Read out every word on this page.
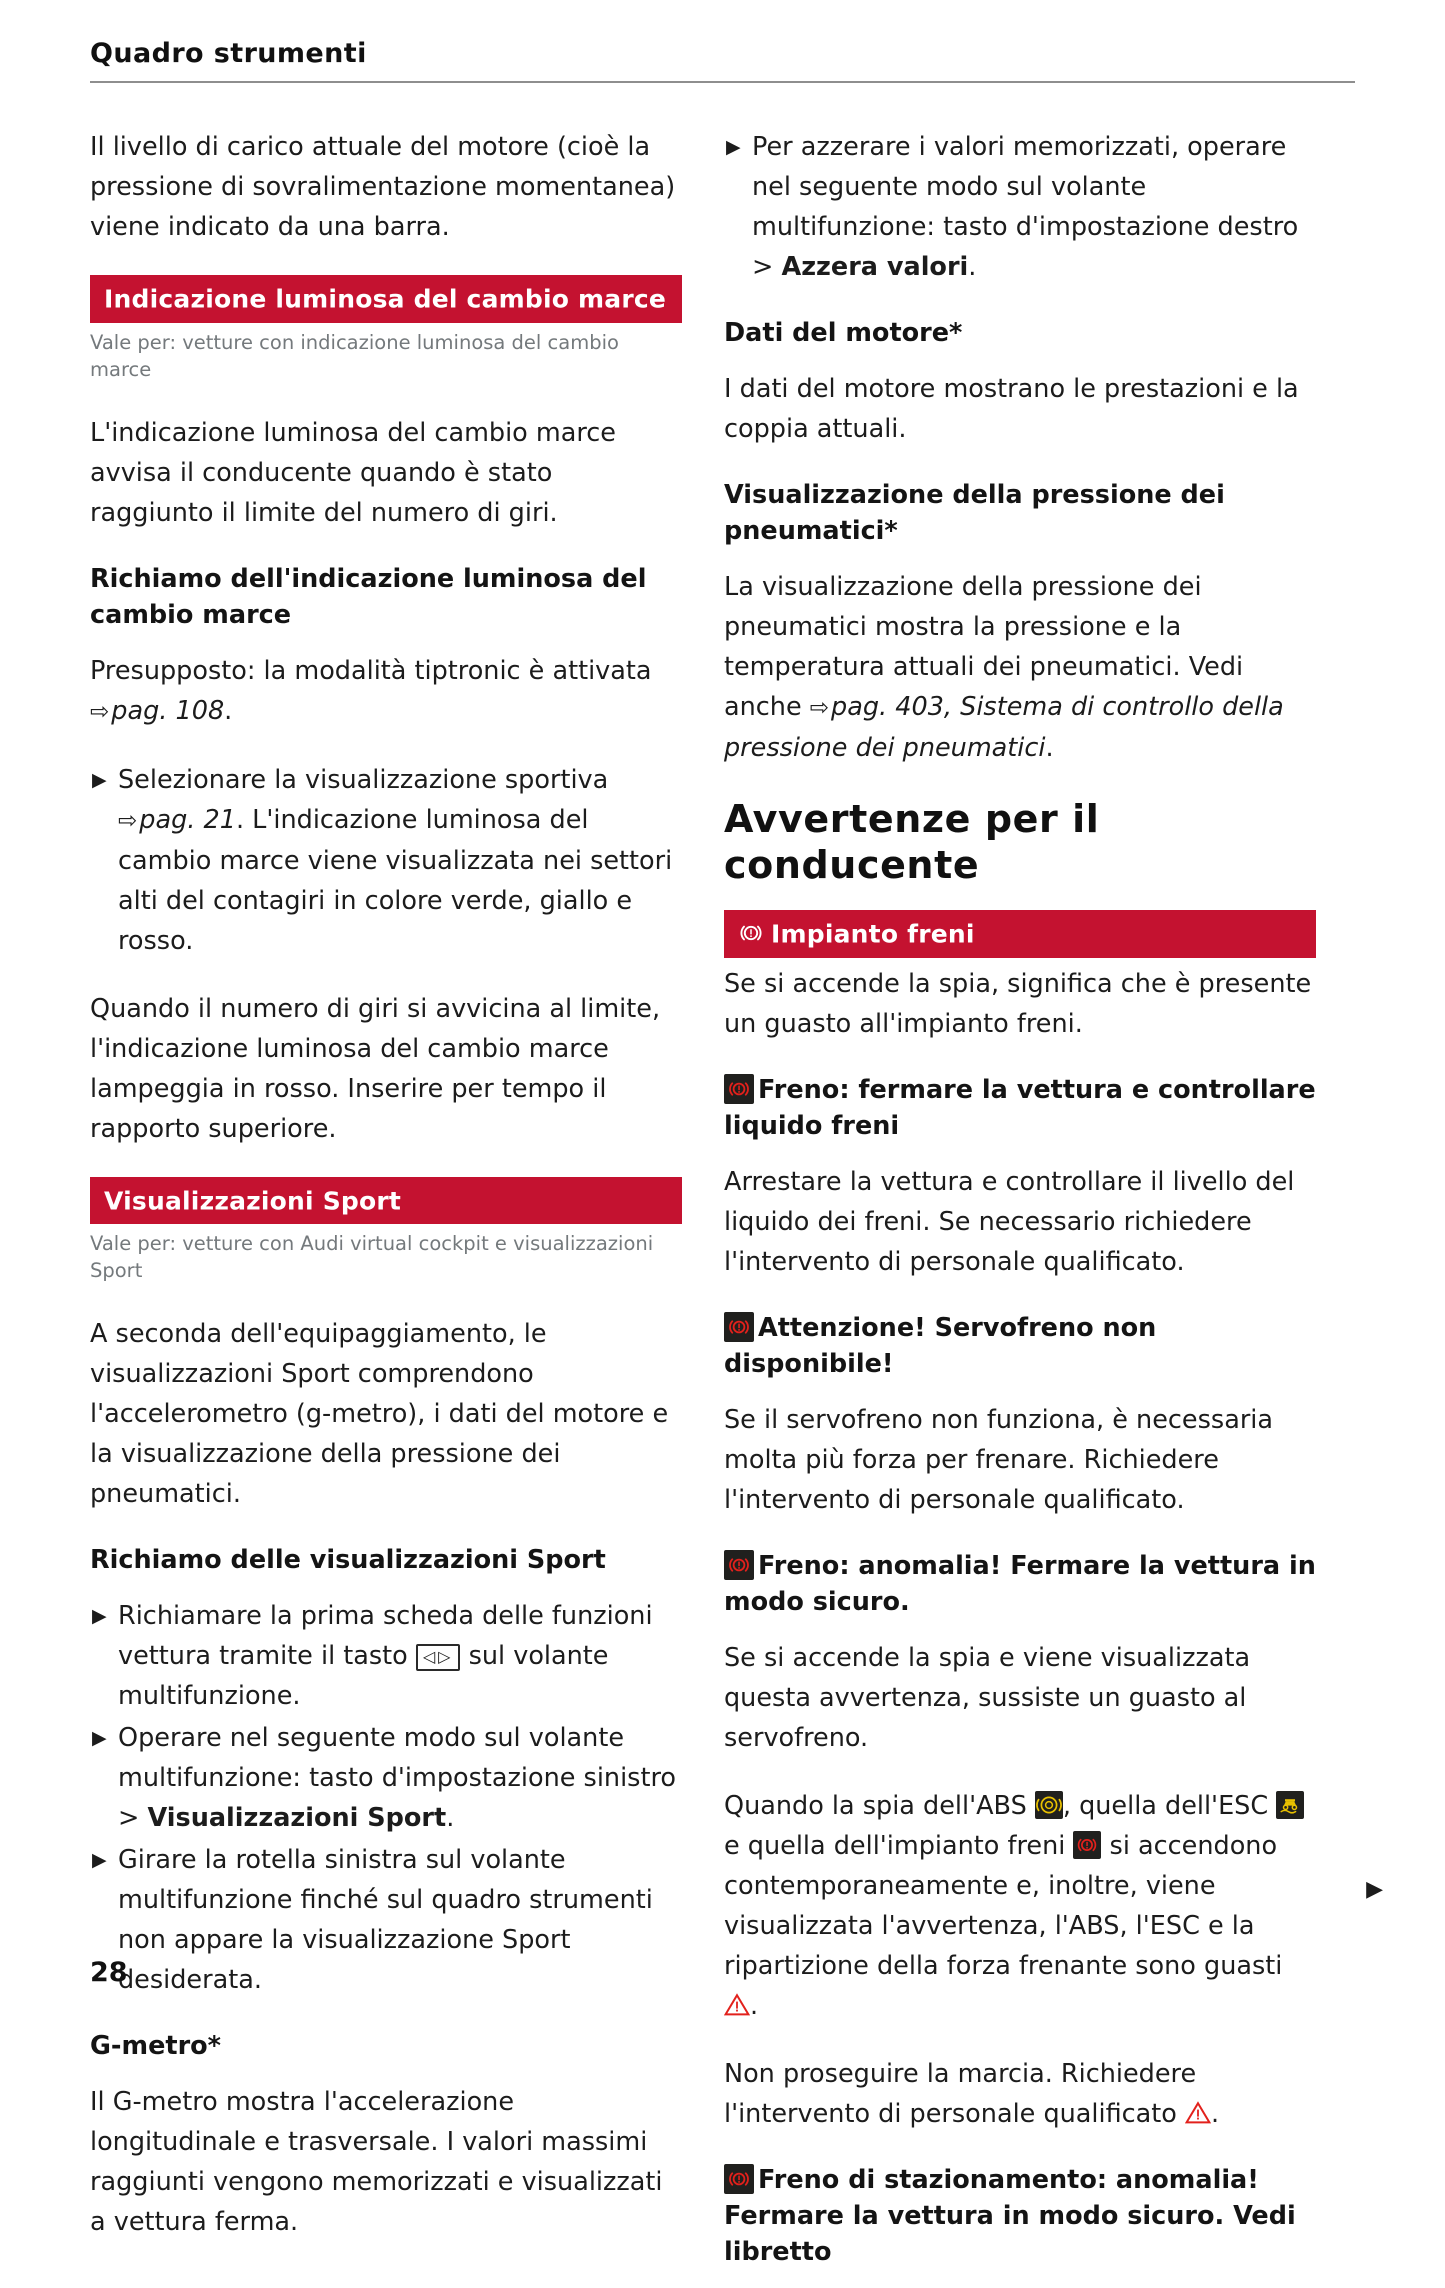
Quadro strumenti

Il livello di carico attuale del motore (cioè la pressione di sovralimentazione momentanea) viene indicato da una barra.

Indicazione luminosa del cambio marce
Vale per: vetture con indicazione luminosa del cambio marce

L'indicazione luminosa del cambio marce avvisa il conducente quando è stato raggiunto il limite del numero di giri.

Richiamo dell'indicazione luminosa del cambio marce

Presupposto: la modalità tiptronic è attivata
⇨pag. 108.

▶ Selezionare la visualizzazione sportiva
⇨pag. 21. L'indicazione luminosa del cambio marce viene visualizzata nei settori alti del contagiri in colore verde, giallo e rosso.

Quando il numero di giri si avvicina al limite, l'indicazione luminosa del cambio marce lampeggia in rosso. Inserire per tempo il rapporto superiore.

Visualizzazioni Sport
Vale per: vetture con Audi virtual cockpit e visualizzazioni Sport

A seconda dell'equipaggiamento, le visualizzazioni Sport comprendono l'accelerometro (g-metro), i dati del motore e la visualizzazione della pressione dei pneumatici.

Richiamo delle visualizzazioni Sport
▶ Richiamare la prima scheda delle funzioni vettura tramite il tasto ◁▷ sul volante multifunzione.
▶ Operare nel seguente modo sul volante multifunzione: tasto d'impostazione sinistro > Visualizzazioni Sport.
▶ Girare la rotella sinistra sul volante multifunzione finché sul quadro strumenti non appare la visualizzazione Sport desiderata.
G-metro*

Il G-metro mostra l'accelerazione longitudinale e trasversale. I valori massimi raggiunti vengono memorizzati e visualizzati a vettura ferma.

▶ Per azzerare i valori memorizzati, operare nel seguente modo sul volante multifunzione: tasto d'impostazione destro > Azzera valori.
Dati del motore*

I dati del motore mostrano le prestazioni e la coppia attuali.

Visualizzazione della pressione dei pneumatici*

La visualizzazione della pressione dei pneumatici mostra la pressione e la temperatura attuali dei pneumatici. Vedi anche ⇨pag. 403, Sistema di controllo della pressione dei pneumatici.

Avvertenze per il conducente
Impianto freni

Se si accende la spia, significa che è presente un guasto all'impianto freni.

Freno: fermare la vettura e controllare liquido freni

Arrestare la vettura e controllare il livello del liquido dei freni. Se necessario richiedere l'intervento di personale qualificato.

Attenzione! Servofreno non disponibile!

Se il servofreno non funziona, è necessaria molta più forza per frenare. Richiedere l'intervento di personale qualificato.

Freno: anomalia! Fermare la vettura in modo sicuro.

Se si accende la spia e viene visualizzata questa avvertenza, sussiste un guasto al servofreno.

Quando la spia dell'ABS
, quella dell'ESC
e quella dell'impianto freni
si accendono contemporaneamente e, inoltre, viene visualizzata l'avvertenza, l'ABS, l'ESC e la ripartizione della forza frenante sono guasti
.

Non proseguire la marcia. Richiedere l'intervento di personale qualificato
.

Freno di stazionamento: anomalia! Fermare la vettura in modo sicuro. Vedi libretto
▶
28
